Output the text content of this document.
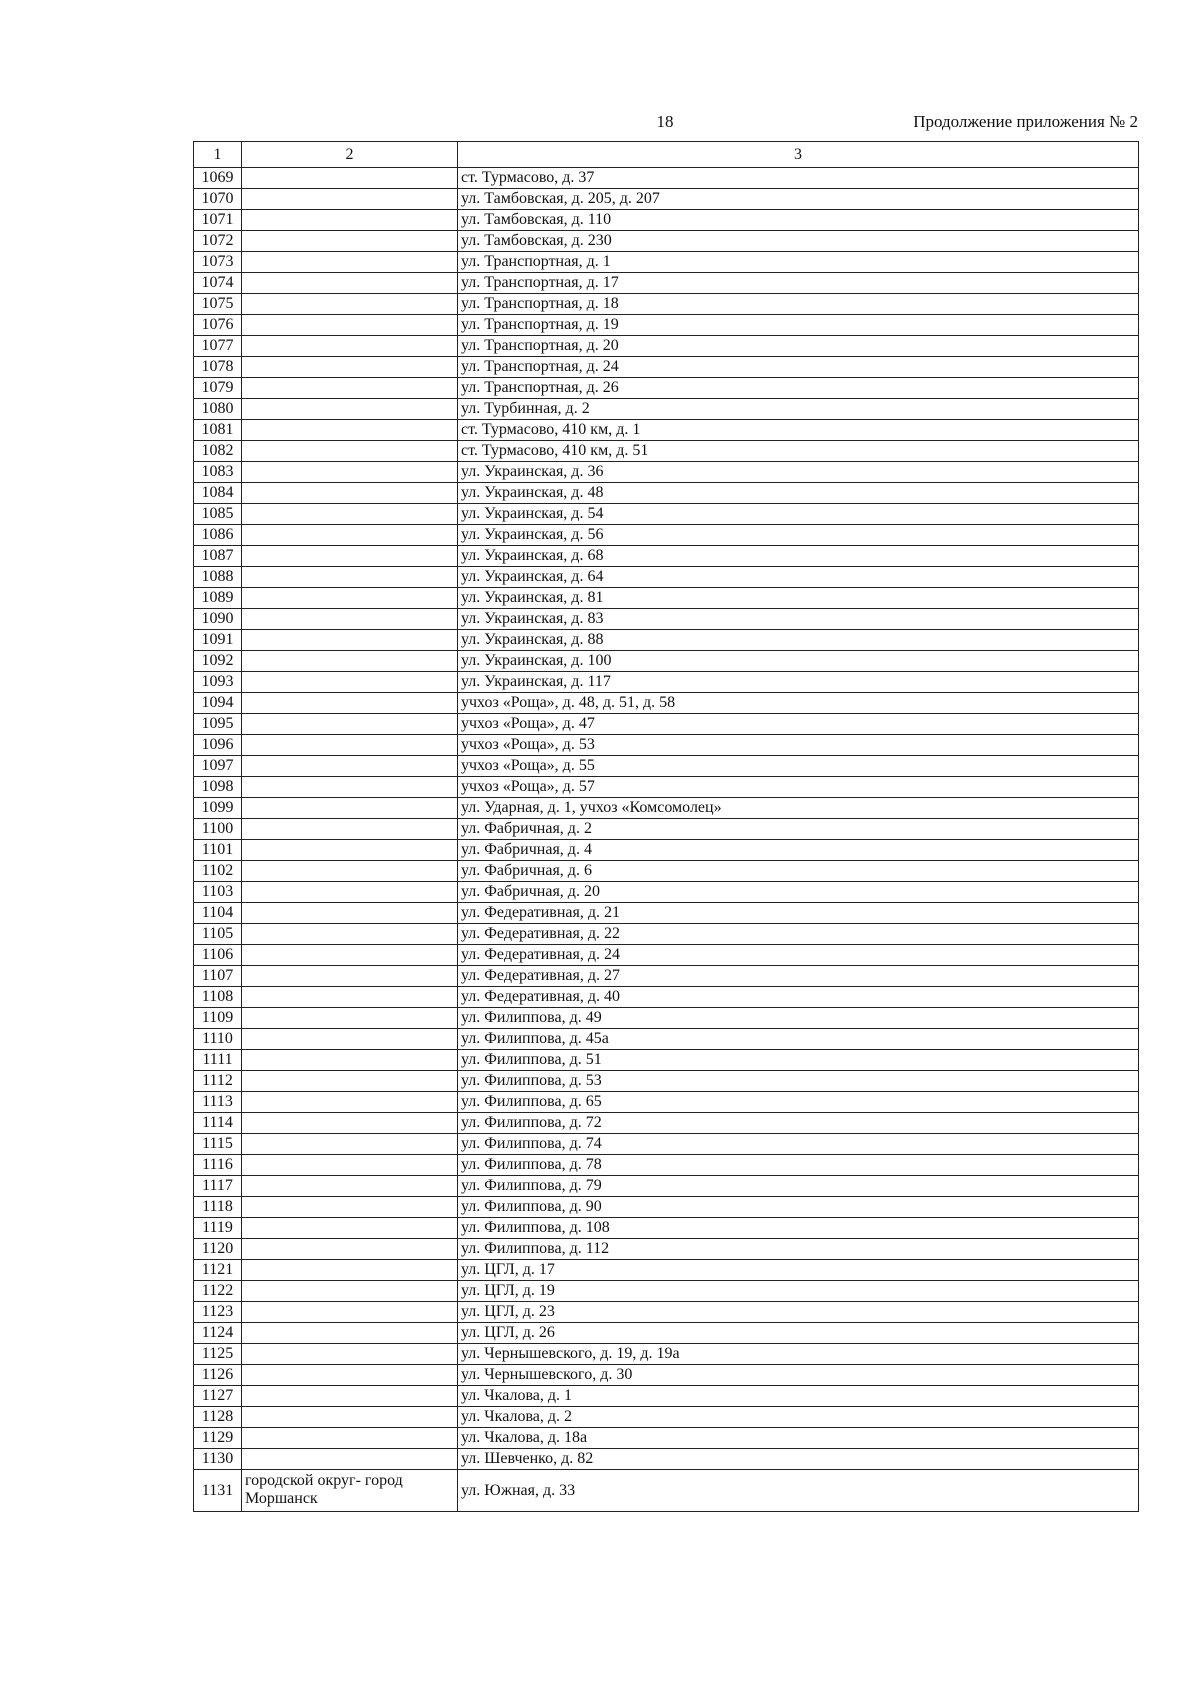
18	Продолжение приложения № 2
1	2	3
1069		ст. Турмасово, д. 37
1070		ул. Тамбовская, д. 205, д. 207
1071		ул. Тамбовская, д. 110
1072		ул. Тамбовская, д. 230
1073		ул. Транспортная, д. 1
1074		ул. Транспортная, д. 17
1075		ул. Транспортная, д. 18
1076		ул. Транспортная, д. 19
1077		ул. Транспортная, д. 20
1078		ул. Транспортная, д. 24
1079		ул. Транспортная, д. 26
1080		ул. Турбинная, д. 2
1081		ст. Турмасово, 410 км, д. 1
1082		ст. Турмасово, 410 км, д. 51
1083		ул. Украинская, д. 36
1084		ул. Украинская, д. 48
1085		ул. Украинская, д. 54
1086		ул. Украинская, д. 56
1087		ул. Украинская, д. 68
1088		ул. Украинская, д. 64
1089		ул. Украинская, д. 81
1090		ул. Украинская, д. 83
1091		ул. Украинская, д. 88
1092		ул. Украинская, д. 100
1093		ул. Украинская, д. 117
1094		учхоз «Роща», д. 48, д. 51, д. 58
1095		учхоз «Роща», д. 47
1096		учхоз «Роща», д. 53
1097		учхоз «Роща», д. 55
1098		учхоз «Роща», д. 57
1099		ул. Ударная, д. 1, учхоз «Комсомолец»
1100		ул. Фабричная, д. 2
1101		ул. Фабричная, д. 4
1102		ул. Фабричная, д. 6
1103		ул. Фабричная, д. 20
1104		ул. Федеративная, д. 21
1105		ул. Федеративная, д. 22
1106		ул. Федеративная, д. 24
1107		ул. Федеративная, д. 27
1108		ул. Федеративная, д. 40
1109		ул. Филиппова, д. 49
1110		ул. Филиппова, д. 45а
1111		ул. Филиппова, д. 51
1112		ул. Филиппова, д. 53
1113		ул. Филиппова, д. 65
1114		ул. Филиппова, д. 72
1115		ул. Филиппова, д. 74
1116		ул. Филиппова, д. 78
1117		ул. Филиппова, д. 79
1118		ул. Филиппова, д. 90
1119		ул. Филиппова, д. 108
1120		ул. Филиппова, д. 112
1121		ул. ЦГЛ, д. 17
1122		ул. ЦГЛ, д. 19
1123		ул. ЦГЛ, д. 23
1124		ул. ЦГЛ, д. 26
1125		ул. Чернышевского, д. 19, д. 19а
1126		ул. Чернышевского, д. 30
1127		ул. Чкалова, д. 1
1128		ул. Чкалова, д. 2
1129		ул. Чкалова, д. 18а
1130		ул. Шевченко, д. 82
1131	городской округ- город Моршанск	ул. Южная, д. 33
